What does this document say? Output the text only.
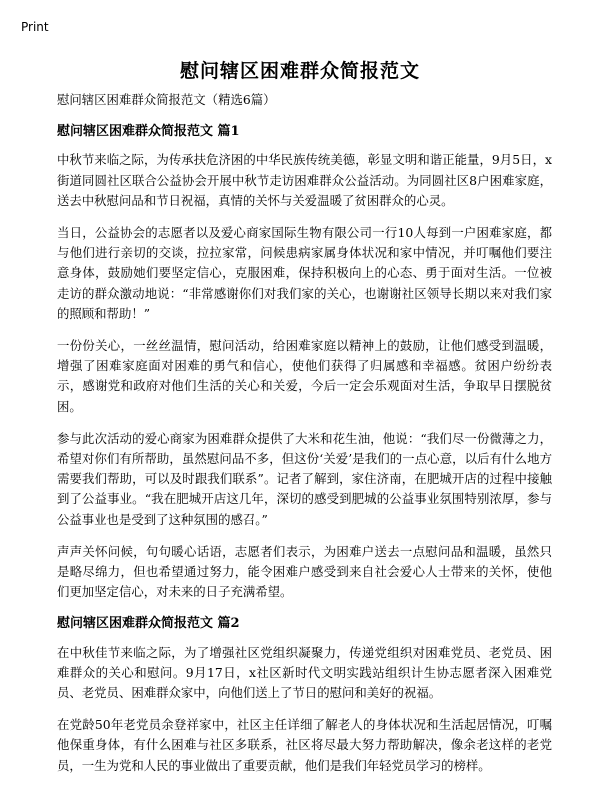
Print
慰问辖区困难群众简报范文

慰问辖区困难群众简报范文（精选6篇）

慰问辖区困难群众简报范文 篇1

中秋节来临之际，为传承扶危济困的中华民族传统美德，彰显文明和谐正能量，9月5日，x街道同圆社区联合公益协会开展中秋节走访困难群众公益活动。为同圆社区8户困难家庭，送去中秋慰问品和节日祝福，真情的关怀与关爱温暖了贫困群众的心灵。

当日，公益协会的志愿者以及爱心商家国际生物有限公司一行10人每到一户困难家庭，都与他们进行亲切的交谈，拉拉家常，问候患病家属身体状况和家中情况，并叮嘱他们要注意身体，鼓励她们要坚定信心，克服困难，保持积极向上的心态、勇于面对生活。一位被走访的群众激动地说：“非常感谢你们对我们家的关心，也谢谢社区领导长期以来对我们家的照顾和帮助！”

一份份关心，一丝丝温情，慰问活动，给困难家庭以精神上的鼓励，让他们感受到温暖，增强了困难家庭面对困难的勇气和信心，使他们获得了归属感和幸福感。贫困户纷纷表示，感谢党和政府对他们生活的关心和关爱，今后一定会乐观面对生活，争取早日摆脱贫困。

参与此次活动的爱心商家为困难群众提供了大米和花生油，他说：“我们尽一份微薄之力，希望对你们有所帮助，虽然慰问品不多，但这份‘关爱’是我们的一点心意，以后有什么地方需要我们帮助，可以及时跟我们联系”。记者了解到，家住济南，在肥城开店的过程中接触到了公益事业。“我在肥城开店这几年，深切的感受到肥城的公益事业氛围特别浓厚，参与公益事业也是受到了这种氛围的感召。”

声声关怀问候，句句暖心话语，志愿者们表示，为困难户送去一点慰问品和温暖，虽然只是略尽绵力，但也希望通过努力，能令困难户感受到来自社会爱心人士带来的关怀，使他们更加坚定信心，对未来的日子充满希望。

慰问辖区困难群众简报范文 篇2

在中秋佳节来临之际，为了增强社区党组织凝聚力，传递党组织对困难党员、老党员、困难群众的关心和慰问。9月17日，x社区新时代文明实践站组织计生协志愿者深入困难党员、老党员、困难群众家中，向他们送上了节日的慰问和美好的祝福。

在党龄50年老党员余登祥家中，社区主任详细了解老人的身体状况和生活起居情况，叮嘱他保重身体，有什么困难与社区多联系，社区将尽最大努力帮助解决，像余老这样的老党员，一生为党和人民的事业做出了重要贡献，他们是我们年轻党员学习的榜样。
